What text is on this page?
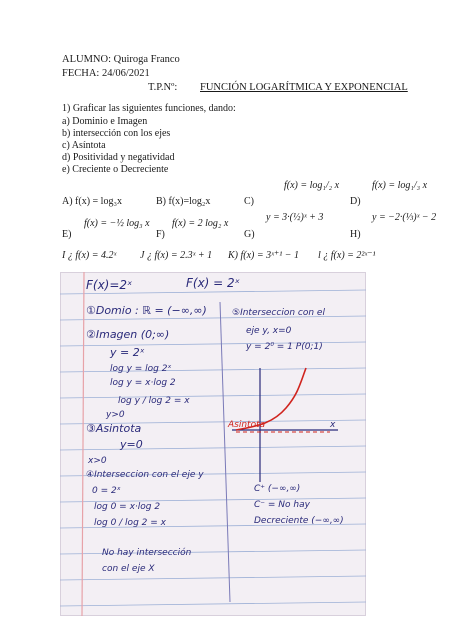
ALUMNO: Quiroga Franco
FECHA: 24/06/2021
T.P.Nº: FUNCIÓN LOGARÍTMICA Y EXPONENCIAL
1) Graficar las siguientes funciones, dando:
a) Dominio e Imagen
b) intersección con los ejes
c) Asíntota
d) Positividad y negatividad
e) Creciente o Decreciente
A) f(x) = log₃x	B) f(x)=log₂x	C)
f(x) = log₁/₂ x
D)
f(x) = log₁/₃ x
E)
f(x) = −½ log₃ x
F)
f(x) = 2 log₂ x
G)
y = 3·(½)ˣ + 3
H)
y = −2·(⅓)ˣ − 2
I ¿ f(x) = 4.2ˣ J ¿ f(x) = 2.3ˣ + 1 K) f(x) = 3ˣ⁺¹ − 1 l ¿ f(x) = 2²ˣ⁻¹
F(x)=2ˣ	F(x) = 2ˣ
①Domio : ℝ = (−∞,∞)
②Imagen (0;∞)
y = 2ˣ
log y = log 2ˣ
log y = x·log 2
log y / log 2 = x
y>0
③Asintota
y=0
x>0
④Interseccion con el eje y
0 = 2ˣ
log 0 = x·log 2
log 0 / log 2 = x
No hay intersección
con el eje X
⑤Interseccion con el
eje y, x=0
y = 2⁰ = 1 P(0;1)
Asintota	x
C⁺ (−∞,∞)
C⁻ = No hay
Decreciente (−∞,∞)
